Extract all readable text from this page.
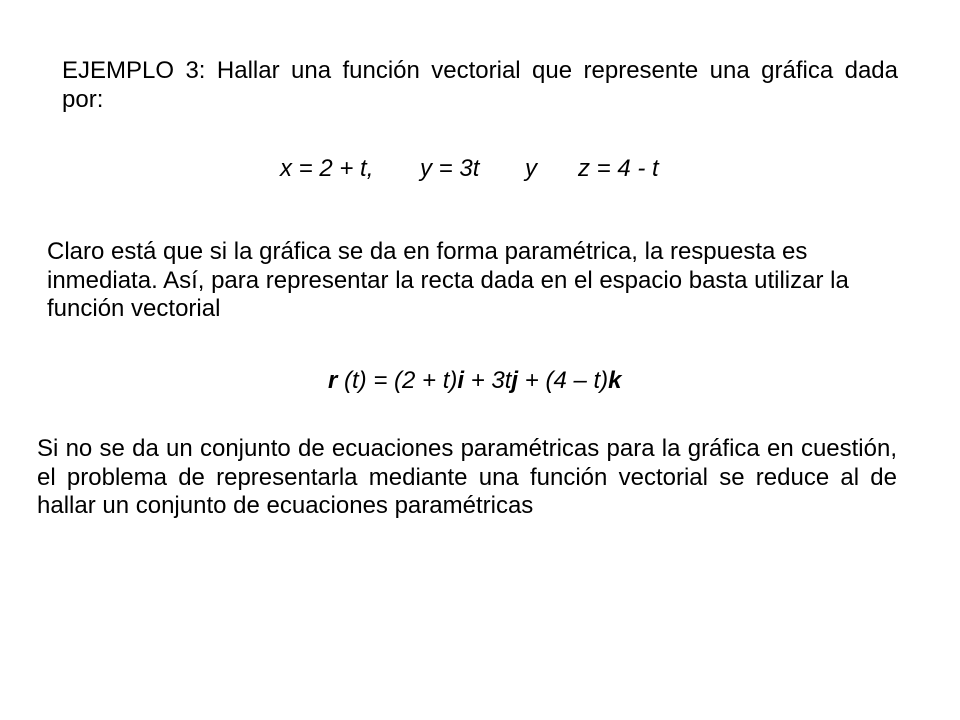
EJEMPLO 3: Hallar una función vectorial que represente una gráfica dada
por:
x = 2 + t, y = 3t y z = 4 - t
Claro está que si la gráfica se da en forma paramétrica, la respuesta es
inmediata. Así, para representar la recta dada en el espacio basta utilizar la
función vectorial
r (t) = (2 + t)i + 3tj + (4 – t)k
Si no se da un conjunto de ecuaciones paramétricas para la gráfica en cuestión,
el problema de representarla mediante una función vectorial se reduce al de
hallar un conjunto de ecuaciones paramétricas
